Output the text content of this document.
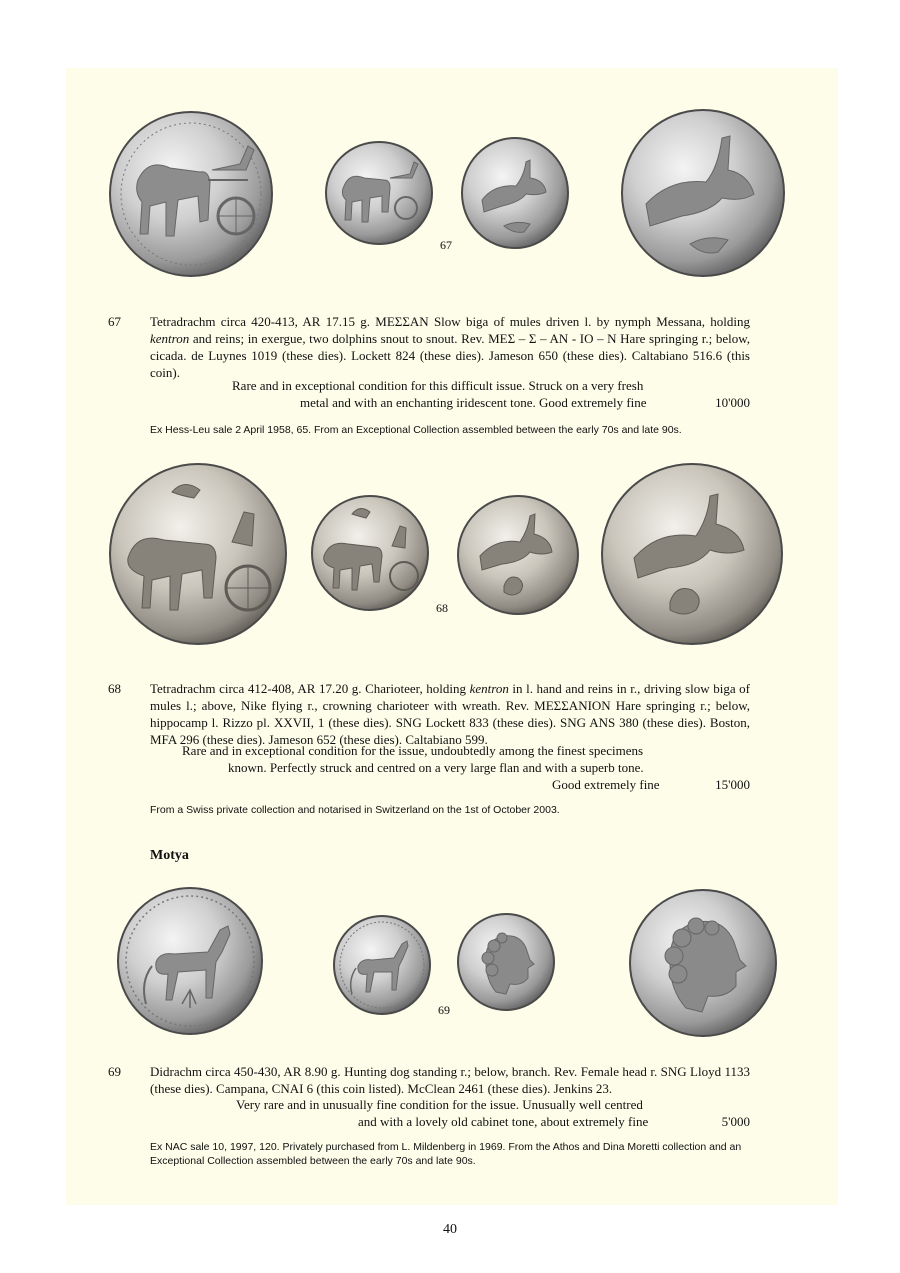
67
67 Tetradrachm circa 420-413, AR 17.15 g. ΜΕΣΣΑΝ Slow biga of mules driven l. by nymph Messana, holding kentron and reins; in exergue, two dolphins snout to snout. Rev. ΜΕΣ – Σ – ΑΝ - ΙΟ – Ν Hare springing r.; below, cicada. de Luynes 1019 (these dies). Lockett 824 (these dies). Jameson 650 (these dies). Caltabiano 516.6 (this coin).
Rare and in exceptional condition for this difficult issue. Struck on a very fresh
metal and with an enchanting iridescent tone. Good extremely fine	10'000
Ex Hess-Leu sale 2 April 1958, 65. From an Exceptional Collection assembled between the early 70s and late 90s.
68
68 Tetradrachm circa 412-408, AR 17.20 g. Charioteer, holding kentron in l. hand and reins in r., driving slow biga of mules l.; above, Nike flying r., crowning charioteer with wreath. Rev. ΜΕΣΣΑΝΙΟΝ Hare springing r.; below, hippocamp l. Rizzo pl. XXVII, 1 (these dies). SNG Lockett 833 (these dies). SNG ANS 380 (these dies). Boston, MFA 296 (these dies). Jameson 652 (these dies). Caltabiano 599.
Rare and in exceptional condition for the issue, undoubtedly among the finest specimens
known. Perfectly struck and centred on a very large flan and with a superb tone.
Good extremely fine	15'000
From a Swiss private collection and notarised in Switzerland on the 1st of October 2003.
Motya
69
69 Didrachm circa 450-430, AR 8.90 g. Hunting dog standing r.; below, branch. Rev. Female head r. SNG Lloyd 1133 (these dies). Campana, CNAI 6 (this coin listed). McClean 2461 (these dies). Jenkins 23.
Very rare and in unusually fine condition for the issue. Unusually well centred
and with a lovely old cabinet tone, about extremely fine	5'000
Ex NAC sale 10, 1997, 120. Privately purchased from L. Mildenberg in 1969. From the Athos and Dina Moretti collection and an Exceptional Collection assembled between the early 70s and late 90s.
40
